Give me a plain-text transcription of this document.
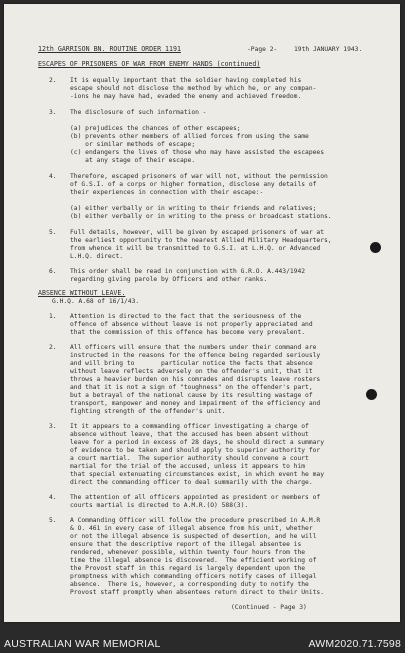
12th GARRISON BN. ROUTINE ORDER 1191	-Page 2-	19th JANUARY 1943.
ESCAPES OF PRISONERS OF WAR FROM ENEMY HANDS (continued)
2. It is equally important that the soldier having completed his
escape should not disclose the method by which he, or any compan-
-ions he may have had, evaded the enemy and achieved freedom.
3. The disclosure of such information -
(a) prejudices the chances of other escapees;
(b) prevents other members of allied forces from using the same
or similar methods of escape;
(c) endangers the lives of those who may have assisted the escapees
at any stage of their escape.
4. Therefore, escaped prisoners of war will not, without the permission
of G.S.I. of a corps or higher formation, disclose any details of
their experiences in connection with their escape:-
(a) either verbally or in writing to their friends and relatives;
(b) either verbally or in writing to the press or broadcast stations.
5. Full details, however, will be given by escaped prisoners of war at
the earliest opportunity to the nearest Allied Military Headquarters,
from whence it will be transmitted to G.S.I. at L.H.Q. or Advanced
L.H.Q. direct.
6. This order shall be read in conjunction with G.R.O. A.443/1942
regarding giving parole by Officers and other ranks.
ABSENCE WITHOUT LEAVE.
G.H.Q. A.68 of 16/1/43.
1. Attention is directed to the fact that the seriousness of the
offence of absence without leave is not properly appreciated and
that the commission of this offence has become very prevalent.
2. All officers will ensure that the numbers under their command are
instructed in the reasons for the offence being regarded seriously
and will bring to       particular notice the facts that absence
without leave reflects adversely on the offender's unit, that it
throws a heavier burden on his comrades and disrupts leave rosters
and that it is not a sign of "toughness" on the offender's part,
but a betrayal of the national cause by its resulting wastage of
transport, manpower and money and impairment of the efficiency and
fighting strength of the offender's unit.
3. It it appears to a commanding officer investigating a charge of
absence without leave, that the accused has been absent without
leave for a period in excess of 28 days, he should direct a summary
of evidence to be taken and should apply to superior authority for
a court martial.  The superior authority should convene a court
martial for the trial of the accused, unless it appears to him
that special extenuating circumstances exist, in which event he may
direct the commanding officer to deal summarily with the charge.
4. The attention of all officers appointed as president or members of
courts martial is directed to A.M.R.(O) 588(3).
5. A Commanding Officer will follow the procedure prescribed in A.M.R
& O. 461 in every case of illegal absence from his unit, whether
or not the illegal absence is suspected of desertion, and he will
ensure that the descriptive report of the illegal absentee is
rendered, whenever possible, within twenty four hours from the
time the illegal absence is discovered.  The efficient working of
the Provost staff in this regard is largely dependent upon the
promptness with which commanding officers notify cases of illegal
absence.  There is, however, a corresponding duty to notify the
Provost staff promptly when absentees return direct to their Units.
(Continued - Page 3)
AUSTRALIAN WAR MEMORIAL	AWM2020.71.7598
